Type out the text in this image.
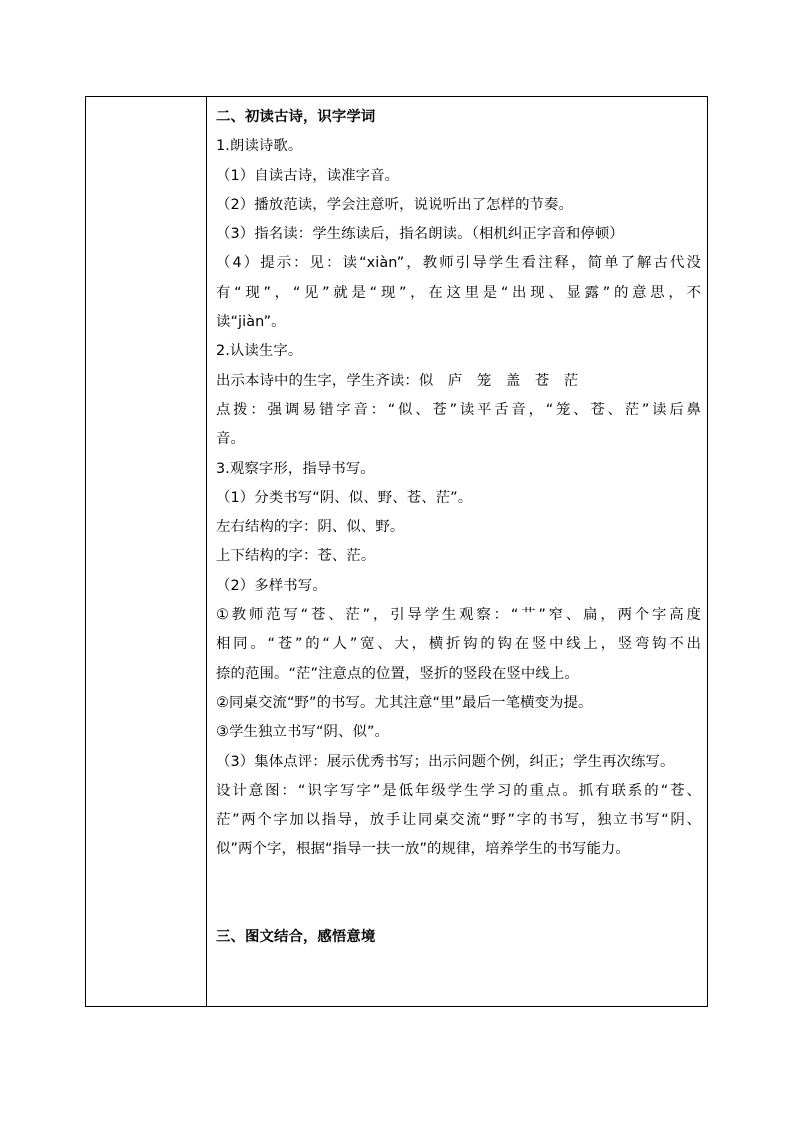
二、初读古诗，识字学词
1.朗读诗歌。
（1）自读古诗，读准字音。
（2）播放范读，学会注意听，说说听出了怎样的节奏。
（3）指名读：学生练读后，指名朗读。（相机纠正字音和停顿）
（4）提示：见：读“xiàn”，教师引导学生看注释，简单了解古代没
有“现”，“见”就是“现”，在这里是“出现、显露”的意思，不
读“jiàn”。
2.认读生字。
出示本诗中的生字，学生齐读：似　庐　笼　盖　苍　茫
点拨：强调易错字音：“似、苍”读平舌音，“笼、苍、茫”读后鼻
音。
3.观察字形，指导书写。
（1）分类书写“阴、似、野、苍、茫”。
左右结构的字：阴、似、野。
上下结构的字：苍、茫。
（2）多样书写。
①教师范写“苍、茫”，引导学生观察：“艹”窄、扁，两个字高度
相同。“苍”的“人”宽、大，横折钩的钩在竖中线上，竖弯钩不出
捺的范围。“茫”注意点的位置，竖折的竖段在竖中线上。
②同桌交流“野”的书写。尤其注意“里”最后一笔横变为提。
③学生独立书写“阴、似”。
（3）集体点评：展示优秀书写；出示问题个例，纠正；学生再次练写。
设计意图：“识字写字”是低年级学生学习的重点。抓有联系的“苍、
茫”两个字加以指导，放手让同桌交流“野”字的书写，独立书写“阴、
似”两个字，根据“指导一扶一放”的规律，培养学生的书写能力。
三、图文结合，感悟意境
